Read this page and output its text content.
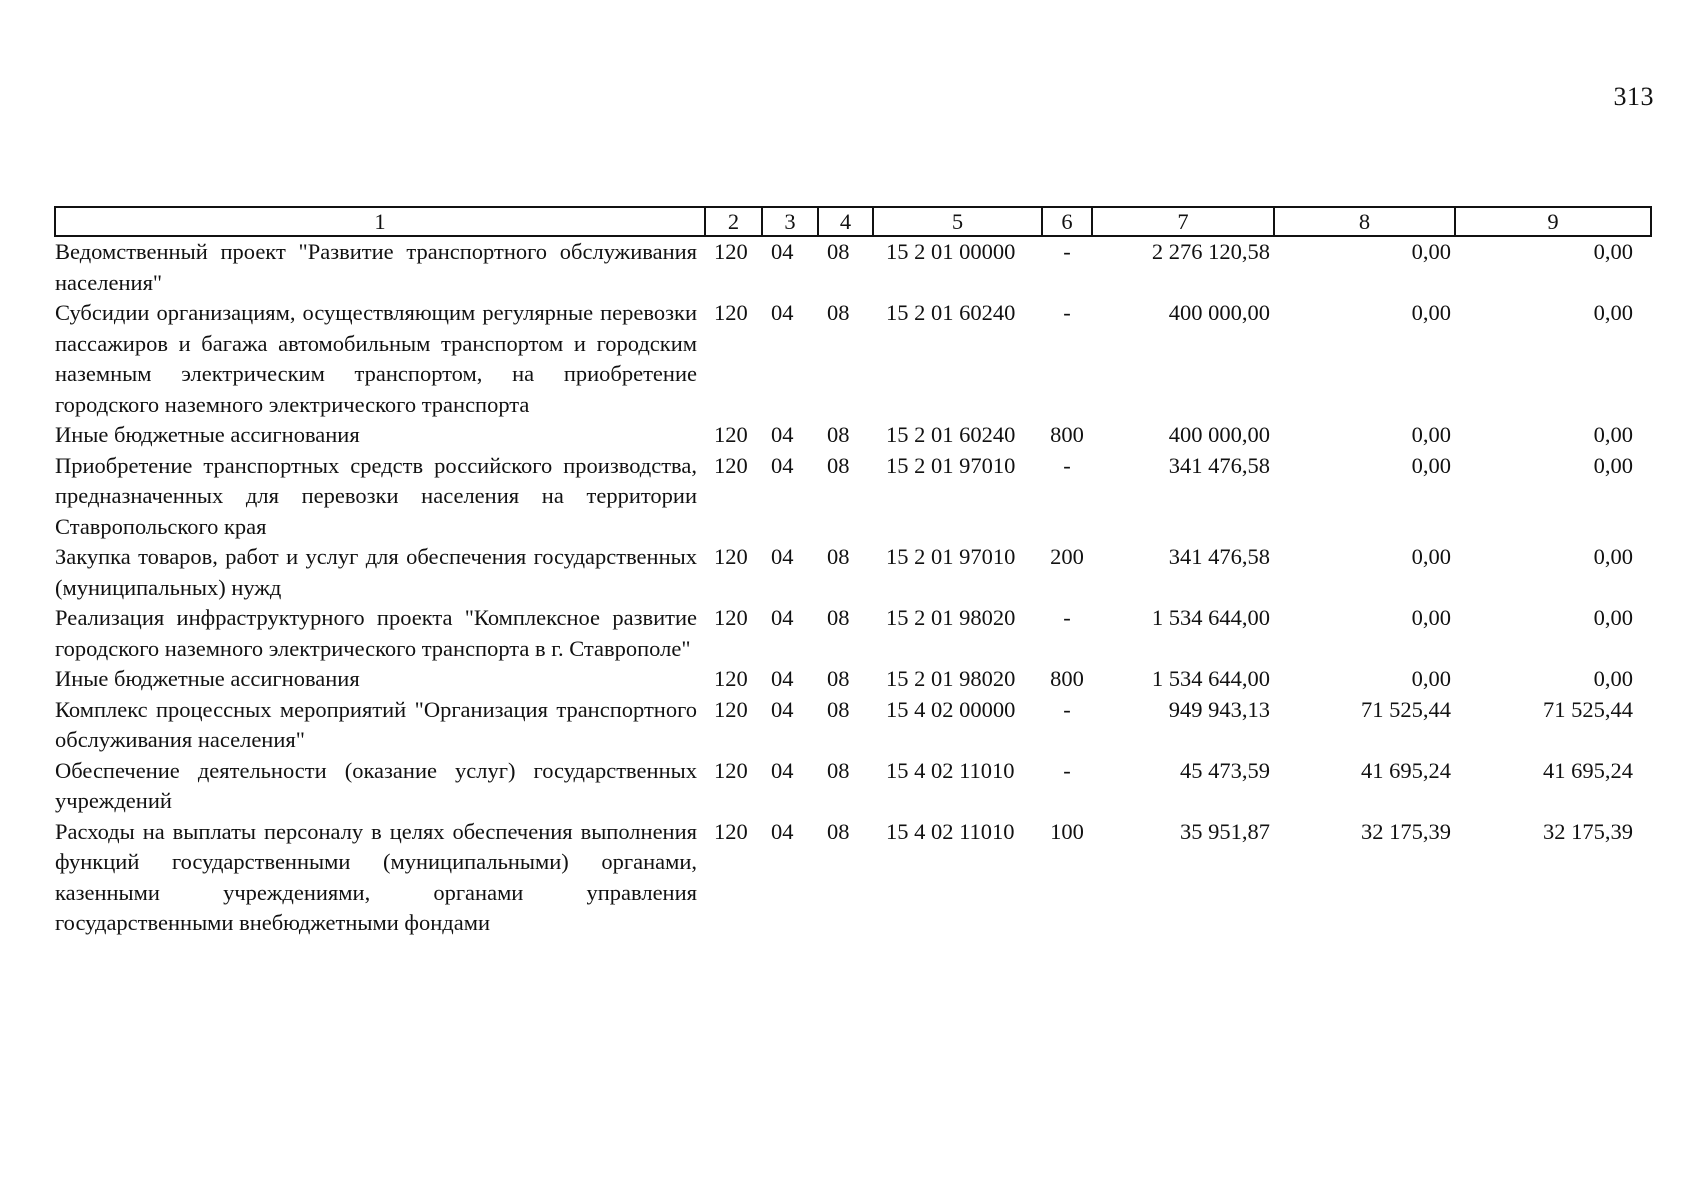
313
1	2	3	4	5	6	7	8	9
Ведомственный проект "Развитие транспортного обслуживания населения"	120	04	08	15 2 01 00000	-	2 276 120,58	0,00	0,00
Субсидии организациям, осуществляющим регулярные перевозки пассажиров и багажа автомобильным транспортом и городским наземным электрическим транспортом, на приобретение городского наземного электрического транспорта	120	04	08	15 2 01 60240	-	400 000,00	0,00	0,00
Иные бюджетные ассигнования	120	04	08	15 2 01 60240	800	400 000,00	0,00	0,00
Приобретение транспортных средств российского производства, предназначенных для перевозки населения на территории Ставропольского края	120	04	08	15 2 01 97010	-	341 476,58	0,00	0,00
Закупка товаров, работ и услуг для обеспечения государственных (муниципальных) нужд	120	04	08	15 2 01 97010	200	341 476,58	0,00	0,00
Реализация инфраструктурного проекта "Комплексное развитие городского наземного электрического транспорта в г. Ставрополе"	120	04	08	15 2 01 98020	-	1 534 644,00	0,00	0,00
Иные бюджетные ассигнования	120	04	08	15 2 01 98020	800	1 534 644,00	0,00	0,00
Комплекс процессных мероприятий "Организация транспортного обслуживания населения"	120	04	08	15 4 02 00000	-	949 943,13	71 525,44	71 525,44
Обеспечение деятельности (оказание услуг) государственных учреждений	120	04	08	15 4 02 11010	-	45 473,59	41 695,24	41 695,24
Расходы на выплаты персоналу в целях обеспечения выполнения функций государственными (муниципальными) органами, казенными учреждениями, органами управления государственными внебюджетными фондами	120	04	08	15 4 02 11010	100	35 951,87	32 175,39	32 175,39
